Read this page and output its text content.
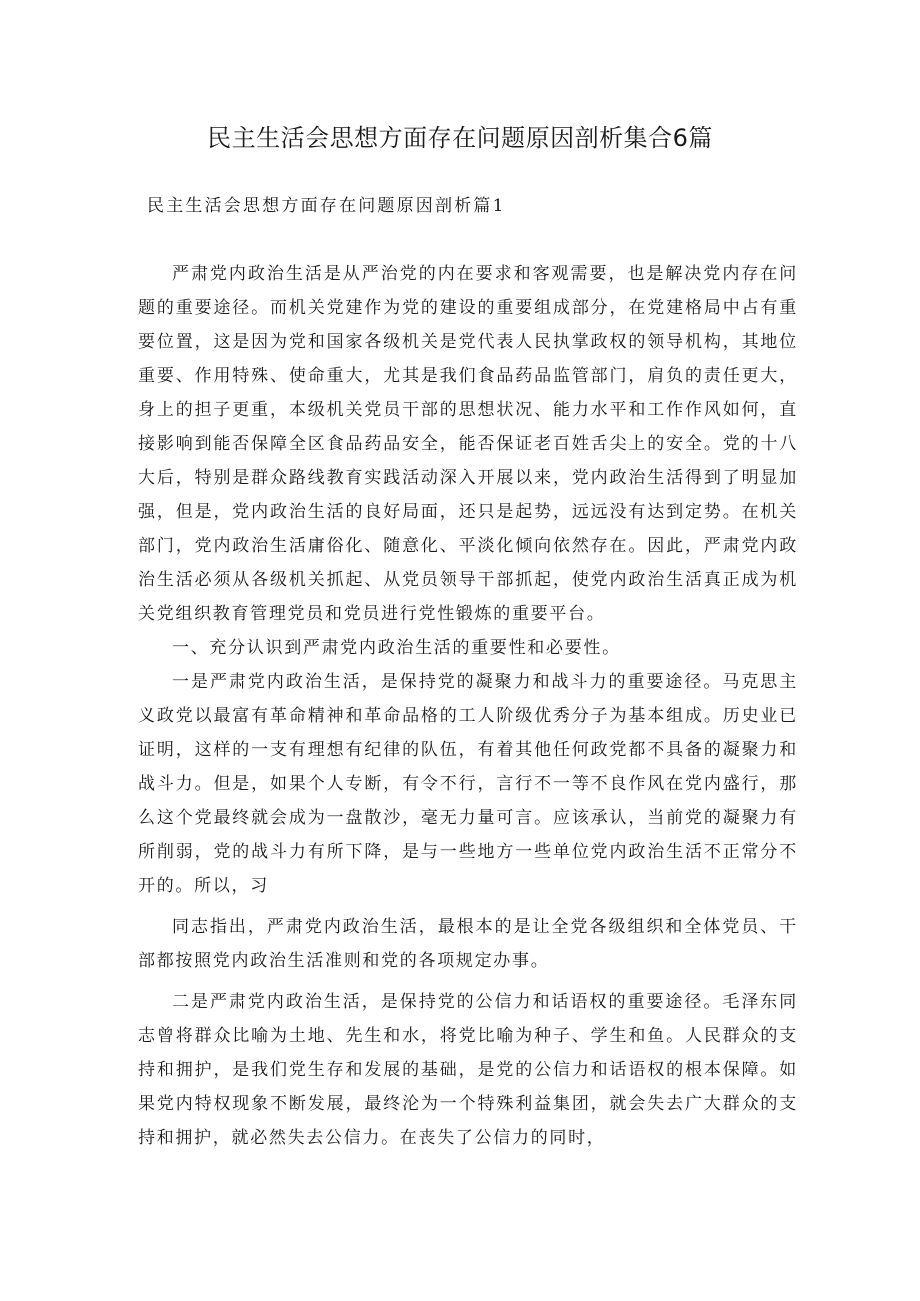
民主生活会思想方面存在问题原因剖析集合6篇
民主生活会思想方面存在问题原因剖析篇1

严肃党内政治生活是从严治党的内在要求和客观需要，也是解决党内存在问题的重要途径。而机关党建作为党的建设的重要组成部分，在党建格局中占有重要位置，这是因为党和国家各级机关是党代表人民执掌政权的领导机构，其地位重要、作用特殊、使命重大，尤其是我们食品药品监管部门，肩负的责任更大，身上的担子更重，本级机关党员干部的思想状况、能力水平和工作作风如何，直接影响到能否保障全区食品药品安全，能否保证老百姓舌尖上的安全。党的十八大后，特别是群众路线教育实践活动深入开展以来，党内政治生活得到了明显加强，但是，党内政治生活的良好局面，还只是起势，远远没有达到定势。在机关部门，党内政治生活庸俗化、随意化、平淡化倾向依然存在。因此，严肃党内政治生活必须从各级机关抓起、从党员领导干部抓起，使党内政治生活真正成为机关党组织教育管理党员和党员进行党性锻炼的重要平台。

一、充分认识到严肃党内政治生活的重要性和必要性。

一是严肃党内政治生活，是保持党的凝聚力和战斗力的重要途径。马克思主义政党以最富有革命精神和革命品格的工人阶级优秀分子为基本组成。历史业已证明，这样的一支有理想有纪律的队伍，有着其他任何政党都不具备的凝聚力和战斗力。但是，如果个人专断，有令不行，言行不一等不良作风在党内盛行，那么这个党最终就会成为一盘散沙，毫无力量可言。应该承认，当前党的凝聚力有所削弱，党的战斗力有所下降，是与一些地方一些单位党内政治生活不正常分不开的。所以，习

同志指出，严肃党内政治生活，最根本的是让全党各级组织和全体党员、干部都按照党内政治生活准则和党的各项规定办事。

二是严肃党内政治生活，是保持党的公信力和话语权的重要途径。毛泽东同志曾将群众比喻为土地、先生和水，将党比喻为种子、学生和鱼。人民群众的支持和拥护，是我们党生存和发展的基础，是党的公信力和话语权的根本保障。如果党内特权现象不断发展，最终沦为一个特殊利益集团，就会失去广大群众的支持和拥护，就必然失去公信力。在丧失了公信力的同时，
